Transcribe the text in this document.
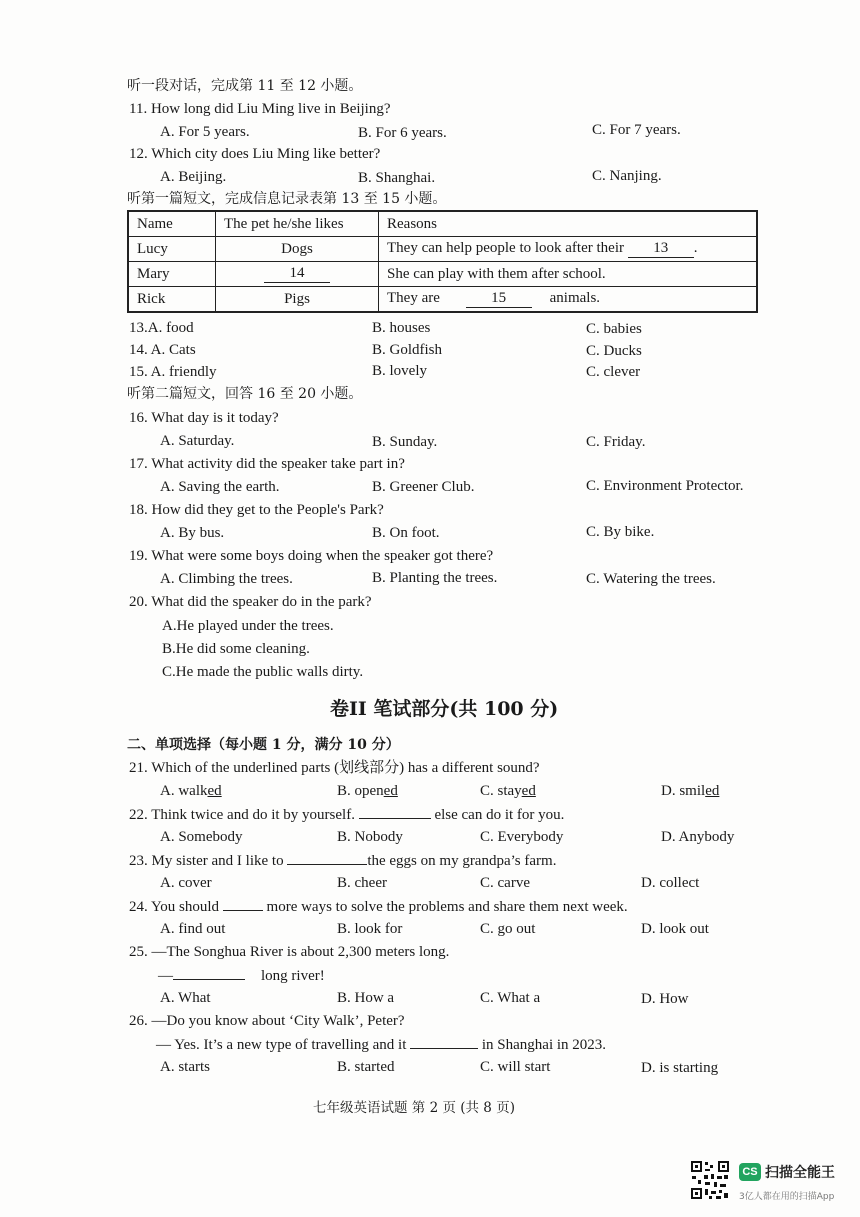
听一段对话，完成第 11 至 12 小题。
11. How long did Liu Ming live in Beijing?
A. For 5 years.	B. For 6 years.	C. For 7 years.
12. Which city does Liu Ming like better?
A. Beijing.	B. Shanghai.	C. Nanjing.
听第一篇短文，完成信息记录表第 13 至 15 小题。
Name	The pet he/she likes	Reasons
Lucy	Dogs	They can help people to look after their 13 .
Mary	14	She can play with them after school.
Rick	Pigs	They are 15 animals.
13.A. food	B. houses	C. babies
14. A. Cats	B. Goldfish	C. Ducks
15. A. friendly	B. lovely	C. clever
听第二篇短文，回答 16 至 20 小题。
16. What day is it today?
A. Saturday.	B. Sunday.	C. Friday.
17. What activity did the speaker take part in?
A. Saving the earth.	B. Greener Club.	C. Environment Protector.
18. How did they get to the People's Park?
A. By bus.	B. On foot.	C. By bike.
19. What were some boys doing when the speaker got there?
A. Climbing the trees.	B. Planting the trees.	C. Watering the trees.
20. What did the speaker do in the park?
A.He played under the trees.
B.He did some cleaning.
C.He made the public walls dirty.
卷II 笔试部分(共 100 分)
二、单项选择（每小题 1 分，满分 10 分）
21. Which of the underlined parts (划线部分) has a different sound?
A. walked	B. opened	C. stayed	D. smiled
22. Think twice and do it by yourself.	else can do it for you.
A. Somebody	B. Nobody	C. Everybody	D. Anybody
23. My sister and I like to	the eggs on my grandpa’s farm.
A. cover	B. cheer	C. carve	D. collect
24. You should	more ways to solve the problems and share them next week.
A. find out	B. look for	C. go out	D. look out
25. —The Songhua River is about 2,300 meters long.
—	long river!
A. What	B. How a	C. What a	D. How
26. —Do you know about ‘City Walk’, Peter?
— Yes. It’s a new type of travelling and it	in Shanghai in 2023.
A. starts	B. started	C. will start	D. is starting
七年级英语试题 第 2 页 (共 8 页)
CS 扫描全能王
3亿人都在用的扫描App
